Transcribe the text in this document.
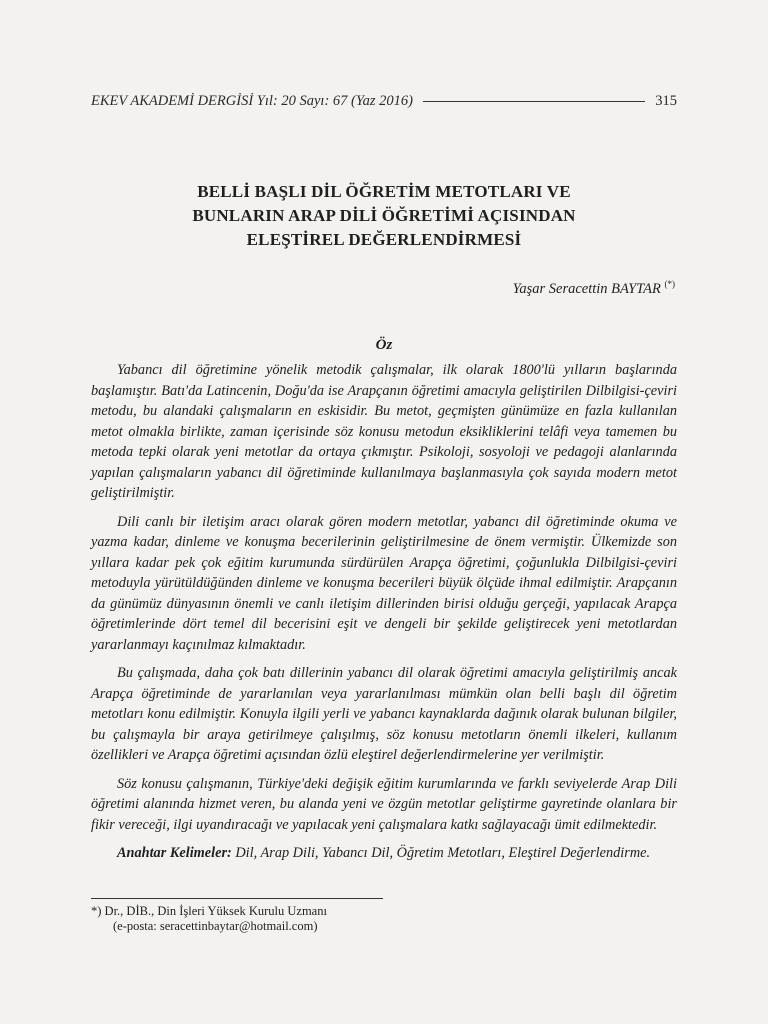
EKEV AKADEMİ DERGİSİ Yıl: 20 Sayı: 67 (Yaz 2016)	315
BELLİ BAŞLI DİL ÖĞRETİM METOTLARI VE
BUNLARIN ARAP DİLİ ÖĞRETİMİ AÇISINDAN
ELEŞTİREL DEĞERLENDİRMESİ
Yaşar Seracettin BAYTAR (*)
Öz

Yabancı dil öğretimine yönelik metodik çalışmalar, ilk olarak 1800'lü yılların başlarında başlamıştır. Batı'da Latincenin, Doğu'da ise Arapçanın öğretimi amacıyla geliştirilen Dilbilgisi-çeviri metodu, bu alandaki çalışmaların en eskisidir. Bu metot, geçmişten günümüze en fazla kullanılan metot olmakla birlikte, zaman içerisinde söz konusu metodun eksikliklerini telâfi veya tamemen bu metoda tepki olarak yeni metotlar da ortaya çıkmıştır. Psikoloji, sosyoloji ve pedagoji alanlarında yapılan çalışmaların yabancı dil öğretiminde kullanılmaya başlanmasıyla çok sayıda modern metot geliştirilmiştir.

Dili canlı bir iletişim aracı olarak gören modern metotlar, yabancı dil öğretiminde okuma ve yazma kadar, dinleme ve konuşma becerilerinin geliştirilmesine de önem vermiştir. Ülkemizde son yıllara kadar pek çok eğitim kurumunda sürdürülen Arapça öğretimi, çoğunlukla Dilbilgisi-çeviri metoduyla yürütüldüğünden dinleme ve konuşma becerileri büyük ölçüde ihmal edilmiştir. Arapçanın da günümüz dünyasının önemli ve canlı iletişim dillerinden birisi olduğu gerçeği, yapılacak Arapça öğretimlerinde dört temel dil becerisini eşit ve dengeli bir şekilde geliştirecek yeni metotlardan yararlanmayı kaçınılmaz kılmaktadır.

Bu çalışmada, daha çok batı dillerinin yabancı dil olarak öğretimi amacıyla geliştirilmiş ancak Arapça öğretiminde de yararlanılan veya yararlanılması mümkün olan belli başlı dil öğretim metotları konu edilmiştir. Konuyla ilgili yerli ve yabancı kaynaklarda dağınık olarak bulunan bilgiler, bu çalışmayla bir araya getirilmeye çalışılmış, söz konusu metotların önemli ilkeleri, kullanım özellikleri ve Arapça öğretimi açısından özlü eleştirel değerlendirmelerine yer verilmiştir.

Söz konusu çalışmanın, Türkiye'deki değişik eğitim kurumlarında ve farklı seviyelerde Arap Dili öğretimi alanında hizmet veren, bu alanda yeni ve özgün metotlar geliştirme gayretinde olanlara bir fikir vereceği, ilgi uyandıracağı ve yapılacak yeni çalışmalara katkı sağlayacağı ümit edilmektedir.

Anahtar Kelimeler: Dil, Arap Dili, Yabancı Dil, Öğretim Metotları, Eleştirel Değerlendirme.

*) Dr., DİB., Din İşleri Yüksek Kurulu Uzmanı
(e-posta: seracettinbaytar@hotmail.com)
